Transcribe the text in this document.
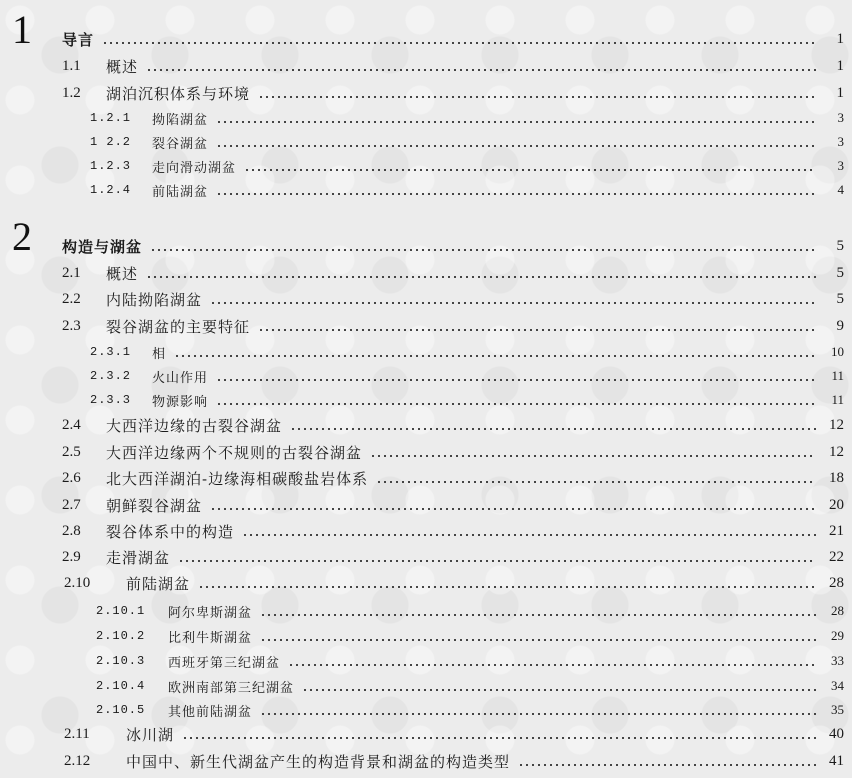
1 导言	1
1.1	概述	1
1.2	湖泊沉积体系与环境	1
1.2.1	拗陷湖盆	3
1 2.2	裂谷湖盆	3
1.2.3	走向滑动湖盆	3
1.2.4	前陆湖盆	4
2 构造与湖盆	5
2.1	概述	5
2.2	内陆拗陷湖盆	5
2.3	裂谷湖盆的主要特征	9
2.3.1	相	10
2.3.2	火山作用	11
2.3.3	物源影响	11
2.4	大西洋边缘的古裂谷湖盆	12
2.5	大西洋边缘两个不规则的古裂谷湖盆	12
2.6	北大西洋湖泊-边缘海相碳酸盐岩体系	18
2.7	朝鲜裂谷湖盆	20
2.8	裂谷体系中的构造	21
2.9	走滑湖盆	22
2.10	前陆湖盆	28
2.10.1	阿尔卑斯湖盆	28
2.10.2	比利牛斯湖盆	29
2.10.3	西班牙第三纪湖盆	33
2.10.4	欧洲南部第三纪湖盆	34
2.10.5	其他前陆湖盆	35
2.11	冰川湖	40
2.12	中国中、新生代湖盆产生的构造背景和湖盆的构造类型	41
